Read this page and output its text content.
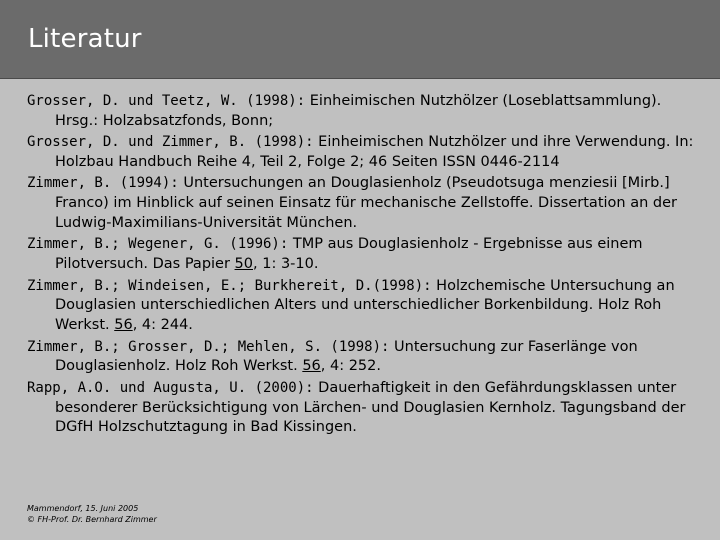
Literatur
Grosser, D. und Teetz, W. (1998): Einheimischen Nutzhölzer (Loseblattsammlung). Hrsg.: Holzabsatzfonds, Bonn;
Grosser, D. und Zimmer, B. (1998): Einheimischen Nutzhölzer und ihre Verwendung. In: Holzbau Handbuch Reihe 4, Teil 2, Folge 2; 46 Seiten ISSN 0446-2114
Zimmer, B. (1994): Untersuchungen an Douglasienholz (Pseudotsuga menziesii [Mirb.] Franco) im Hinblick auf seinen Einsatz für mechanische Zellstoffe. Dissertation an der Ludwig-Maximilians-Universität München.
Zimmer, B.; Wegener, G. (1996): TMP aus Douglasienholz - Ergebnisse aus einem Pilotversuch. Das Papier 50, 1: 3-10.
Zimmer, B.; Windeisen, E.; Burkhereit, D.(1998): Holzchemische Untersuchung an Douglasien unterschiedlichen Alters und unterschiedlicher Borkenbildung. Holz Roh Werkst. 56, 4: 244.
Zimmer, B.; Grosser, D.; Mehlen, S. (1998): Untersuchung zur Faserlänge von Douglasienholz. Holz Roh Werkst. 56, 4: 252.
Rapp, A.O. und Augusta, U. (2000): Dauerhaftigkeit in den Gefährdungsklassen unter besonderer Berücksichtigung von Lärchen- und Douglasien Kernholz. Tagungsband der DGfH Holzschutztagung in Bad Kissingen.
Mammendorf, 15. Juni 2005
© FH-Prof. Dr. Bernhard Zimmer
